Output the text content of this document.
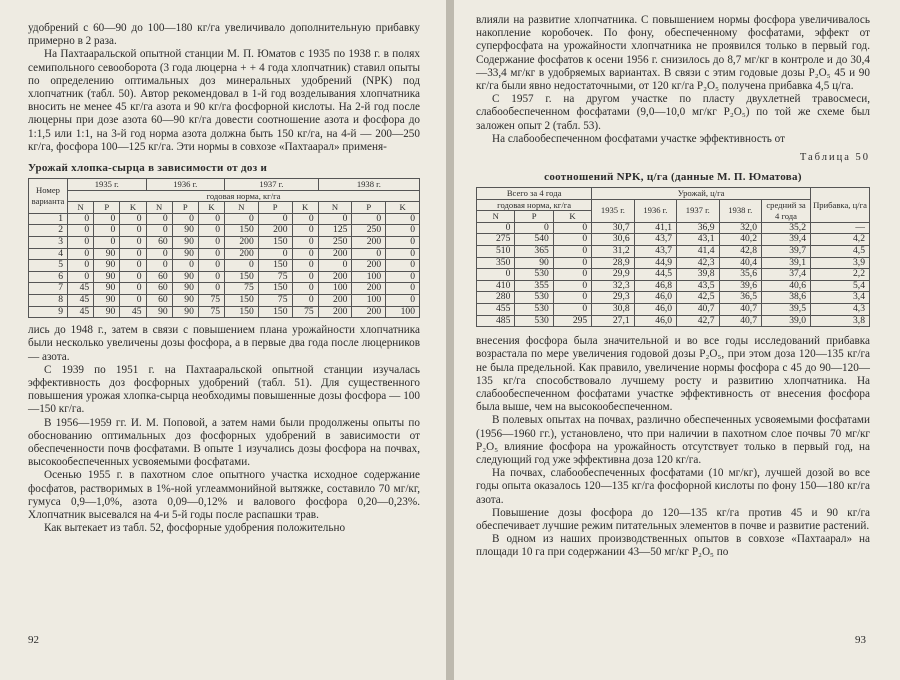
удобрений с 60—90 до 100—180 кг/га увеличивало дополнительную прибавку примерно в 2 раза.

На Пахтааральской опытной станции М. П. Юматов с 1935 по 1938 г. в полях семипольного севооборота (3 года люцерна + + 4 года хлопчатник) ставил опыты по определению оптимальных доз минеральных удобрений (NPK) под хлопчатник (табл. 50). Автор рекомендовал в 1-й год возделывания хлопчатника вносить не менее 45 кг/га азота и 90 кг/га фосфорной кислоты. На 2-й год после люцерны при дозе азота 60—90 кг/га довести соотношение азота и фосфора до 1:1,5 или 1:1, на 3-й год норма азота должна быть 150 кг/га, на 4-й — 200—250 кг/га, фосфора 100—125 кг/га. Эти нормы в совхозе «Пахтаарал» применя-

Урожай хлопка-сырца в зависимости от доз и
Номер варианта	1935 г.			1936 г.			1937 г.			1938 г.		
	годовая норма, кг/га											
	N	P	K	N	P	K	N	P	K	N	P	K
1	0	0	0	0	0	0	0	0	0	0	0	0
2	0	0	0	0	90	0	150	200	0	125	250	0
3	0	0	0	60	90	0	200	150	0	250	200	0
4	0	90	0	0	90	0	200	0	0	200	0	0
5	0	90	0	0	0	0	0	150	0	0	200	0
6	0	90	0	60	90	0	150	75	0	200	100	0
7	45	90	0	60	90	0	75	150	0	100	200	0
8	45	90	0	60	90	75	150	75	0	200	100	0
9	45	90	45	90	90	75	150	150	75	200	200	100

лись до 1948 г., затем в связи с повышением плана урожайности хлопчатника были несколько увеличены дозы фосфора, а в первые два года после люцерников — азота.

С 1939 по 1951 г. на Пахтааральской опытной станции изучалась эффективность доз фосфорных удобрений (табл. 51). Для существенного повышения урожая хлопка-сырца необходимы повышенные дозы фосфора — 100—150 кг/га.

В 1956—1959 гг. И. М. Поповой, а затем нами были продолжены опыты по обоснованию оптимальных доз фосфорных удобрений в зависимости от обеспеченности почв фосфатами. В опыте 1 изучались дозы фосфора на почвах, высокообеспеченных усвояемыми фосфатами.

Осенью 1955 г. в пахотном слое опытного участка исходное содержание фосфатов, растворимых в 1%-ной углеаммонийной вытяжке, составило 70 мг/кг, гумуса 0,9—1,0%, азота 0,09—0,12% и валового фосфора 0,20—0,23%. Хлопчатник высевался на 4-и 5-й годы после распашки трав.

Как вытекает из табл. 52, фосфорные удобрения положительно

92

влияли на развитие хлопчатника. С повышением нормы фосфора увеличивалось накопление коробочек. По фону, обеспеченному фосфатами, эффект от суперфосфата на урожайности хлопчатника не проявился только в первый год. Содержание фосфатов к осени 1956 г. снизилось до 8,7 мг/кг в контроле и до 30,4—33,4 мг/кг в удобряемых вариантах. В связи с этим годовые дозы P₂O₅ 45 и 90 кг/га были явно недостаточными, от 120 кг/га P₂O₅ получена прибавка 4,5 ц/га.

С 1957 г. на другом участке по пласту двухлетней травосмеси, слабообеспеченном фосфатами (9,0—10,0 мг/кг P₂O₅) по той же схеме был заложен опыт 2 (табл. 53).

На слабообеспеченном фосфатами участке эффективность от

Таблица 50
соотношений NPK, ц/га (данные М. П. Юматова)
Всего за 4 года			Урожай, ц/га					Прибавка, ц/га
годовая норма, кг/га			1935 г.	1936 г.	1937 г.	1938 г.	средний за 4 года	
N	P	K						
0	0	0	30,7	41,1	36,9	32,0	35,2	—
275	540	0	30,6	43,7	43,1	40,2	39,4	4,2
510	365	0	31,2	43,7	41,4	42,8	39,7	4,5
350	90	0	28,9	44,9	42,3	40,4	39,1	3,9
0	530	0	29,9	44,5	39,8	35,6	37,4	2,2
410	355	0	32,3	46,8	43,5	39,6	40,6	5,4
280	530	0	29,3	46,0	42,5	36,5	38,6	3,4
455	530	0	30,8	46,0	40,7	40,7	39,5	4,3
485	530	295	27,1	46,0	42,7	40,7	39,0	3,8

внесения фосфора была значительной и во все годы исследований прибавка возрастала по мере увеличения годовой дозы P₂O₅, при этом доза 120—135 кг/га не была предельной. Как правило, увеличение нормы фосфора с 45 до 90—120—135 кг/га способствовало лучшему росту и развитию хлопчатника. На слабообеспеченном фосфатами участке эффективность от внесения фосфора была выше, чем на высокообеспеченном.

В полевых опытах на почвах, различно обеспеченных усвояемыми фосфатами (1956—1960 гг.), установлено, что при наличии в пахотном слое почвы 70 мг/кг P₂O₅ влияние фосфора на урожайность отсутствует только в первый год, на следующий год уже эффективна доза 120 кг/га.

На почвах, слабообеспеченных фосфатами (10 мг/кг), лучшей дозой во все годы опыта оказалось 120—135 кг/га фосфорной кислоты по фону 150—180 кг/га азота.

Повышение дозы фосфора до 120—135 кг/га против 45 и 90 кг/га обеспечивает лучшие режим питательных элементов в почве и развитие растений.

В одном из наших производственных опытов в совхозе «Пахтаарал» на площади 10 га при содержании 43—50 мг/кг P₂O₅ по

93
